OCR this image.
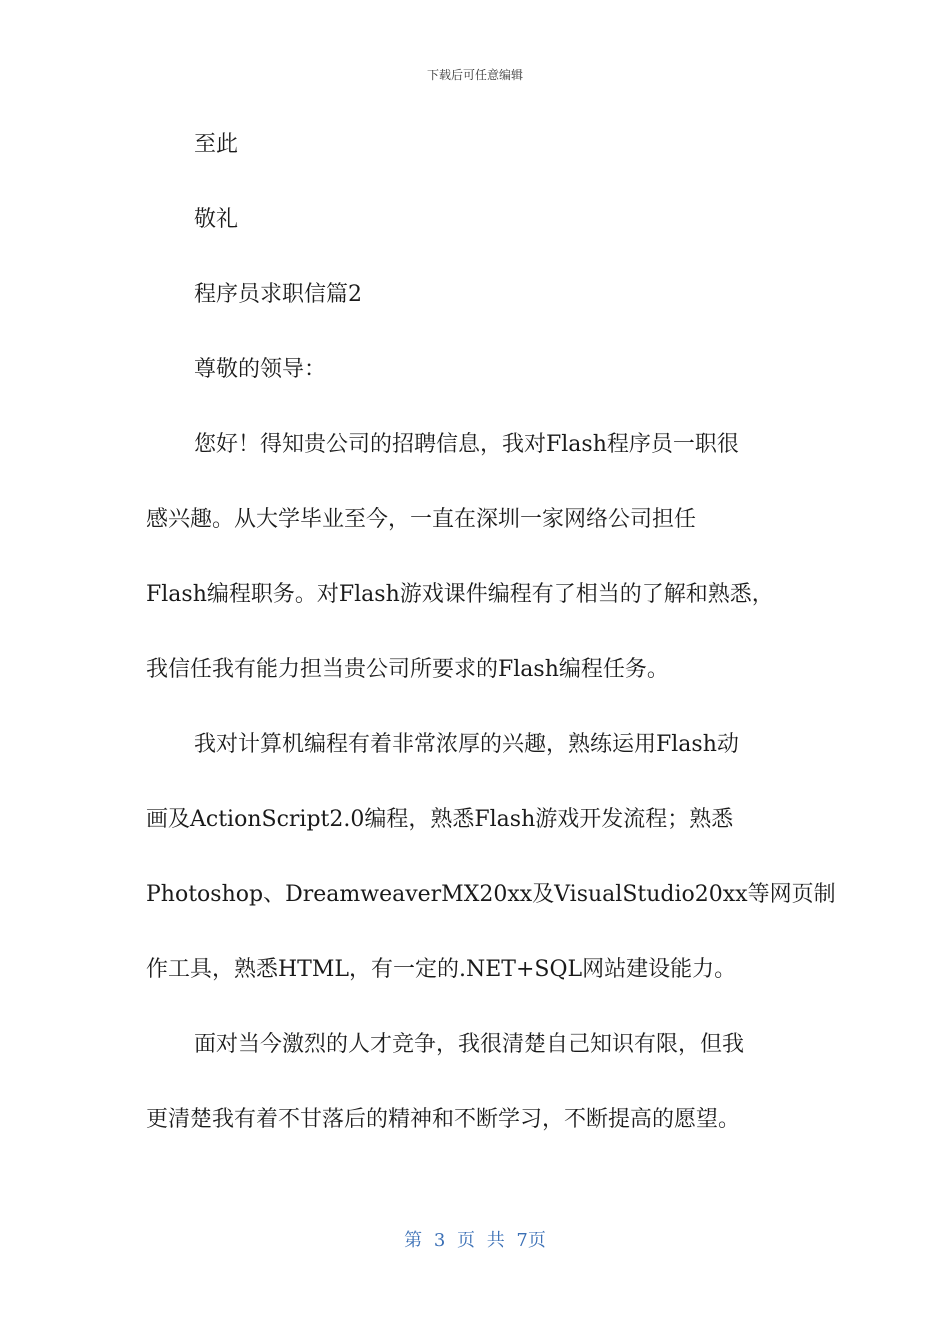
下载后可任意编辑
至此
敬礼
程序员求职信篇2
尊敬的领导：
您好！得知贵公司的招聘信息，我对Flash程序员一职很
感兴趣。从大学毕业至今，一直在深圳一家网络公司担任
Flash编程职务。对Flash游戏课件编程有了相当的了解和熟悉，
我信任我有能力担当贵公司所要求的Flash编程任务。
我对计算机编程有着非常浓厚的兴趣，熟练运用Flash动
画及ActionScript2.0编程，熟悉Flash游戏开发流程；熟悉
Photoshop、DreamweaverMX20xx及VisualStudio20xx等网页制
作工具，熟悉HTML，有一定的.NET+SQL网站建设能力。
面对当今激烈的人才竞争，我很清楚自己知识有限，但我
更清楚我有着不甘落后的精神和不断学习，不断提高的愿望。
第 3 页 共 7页
